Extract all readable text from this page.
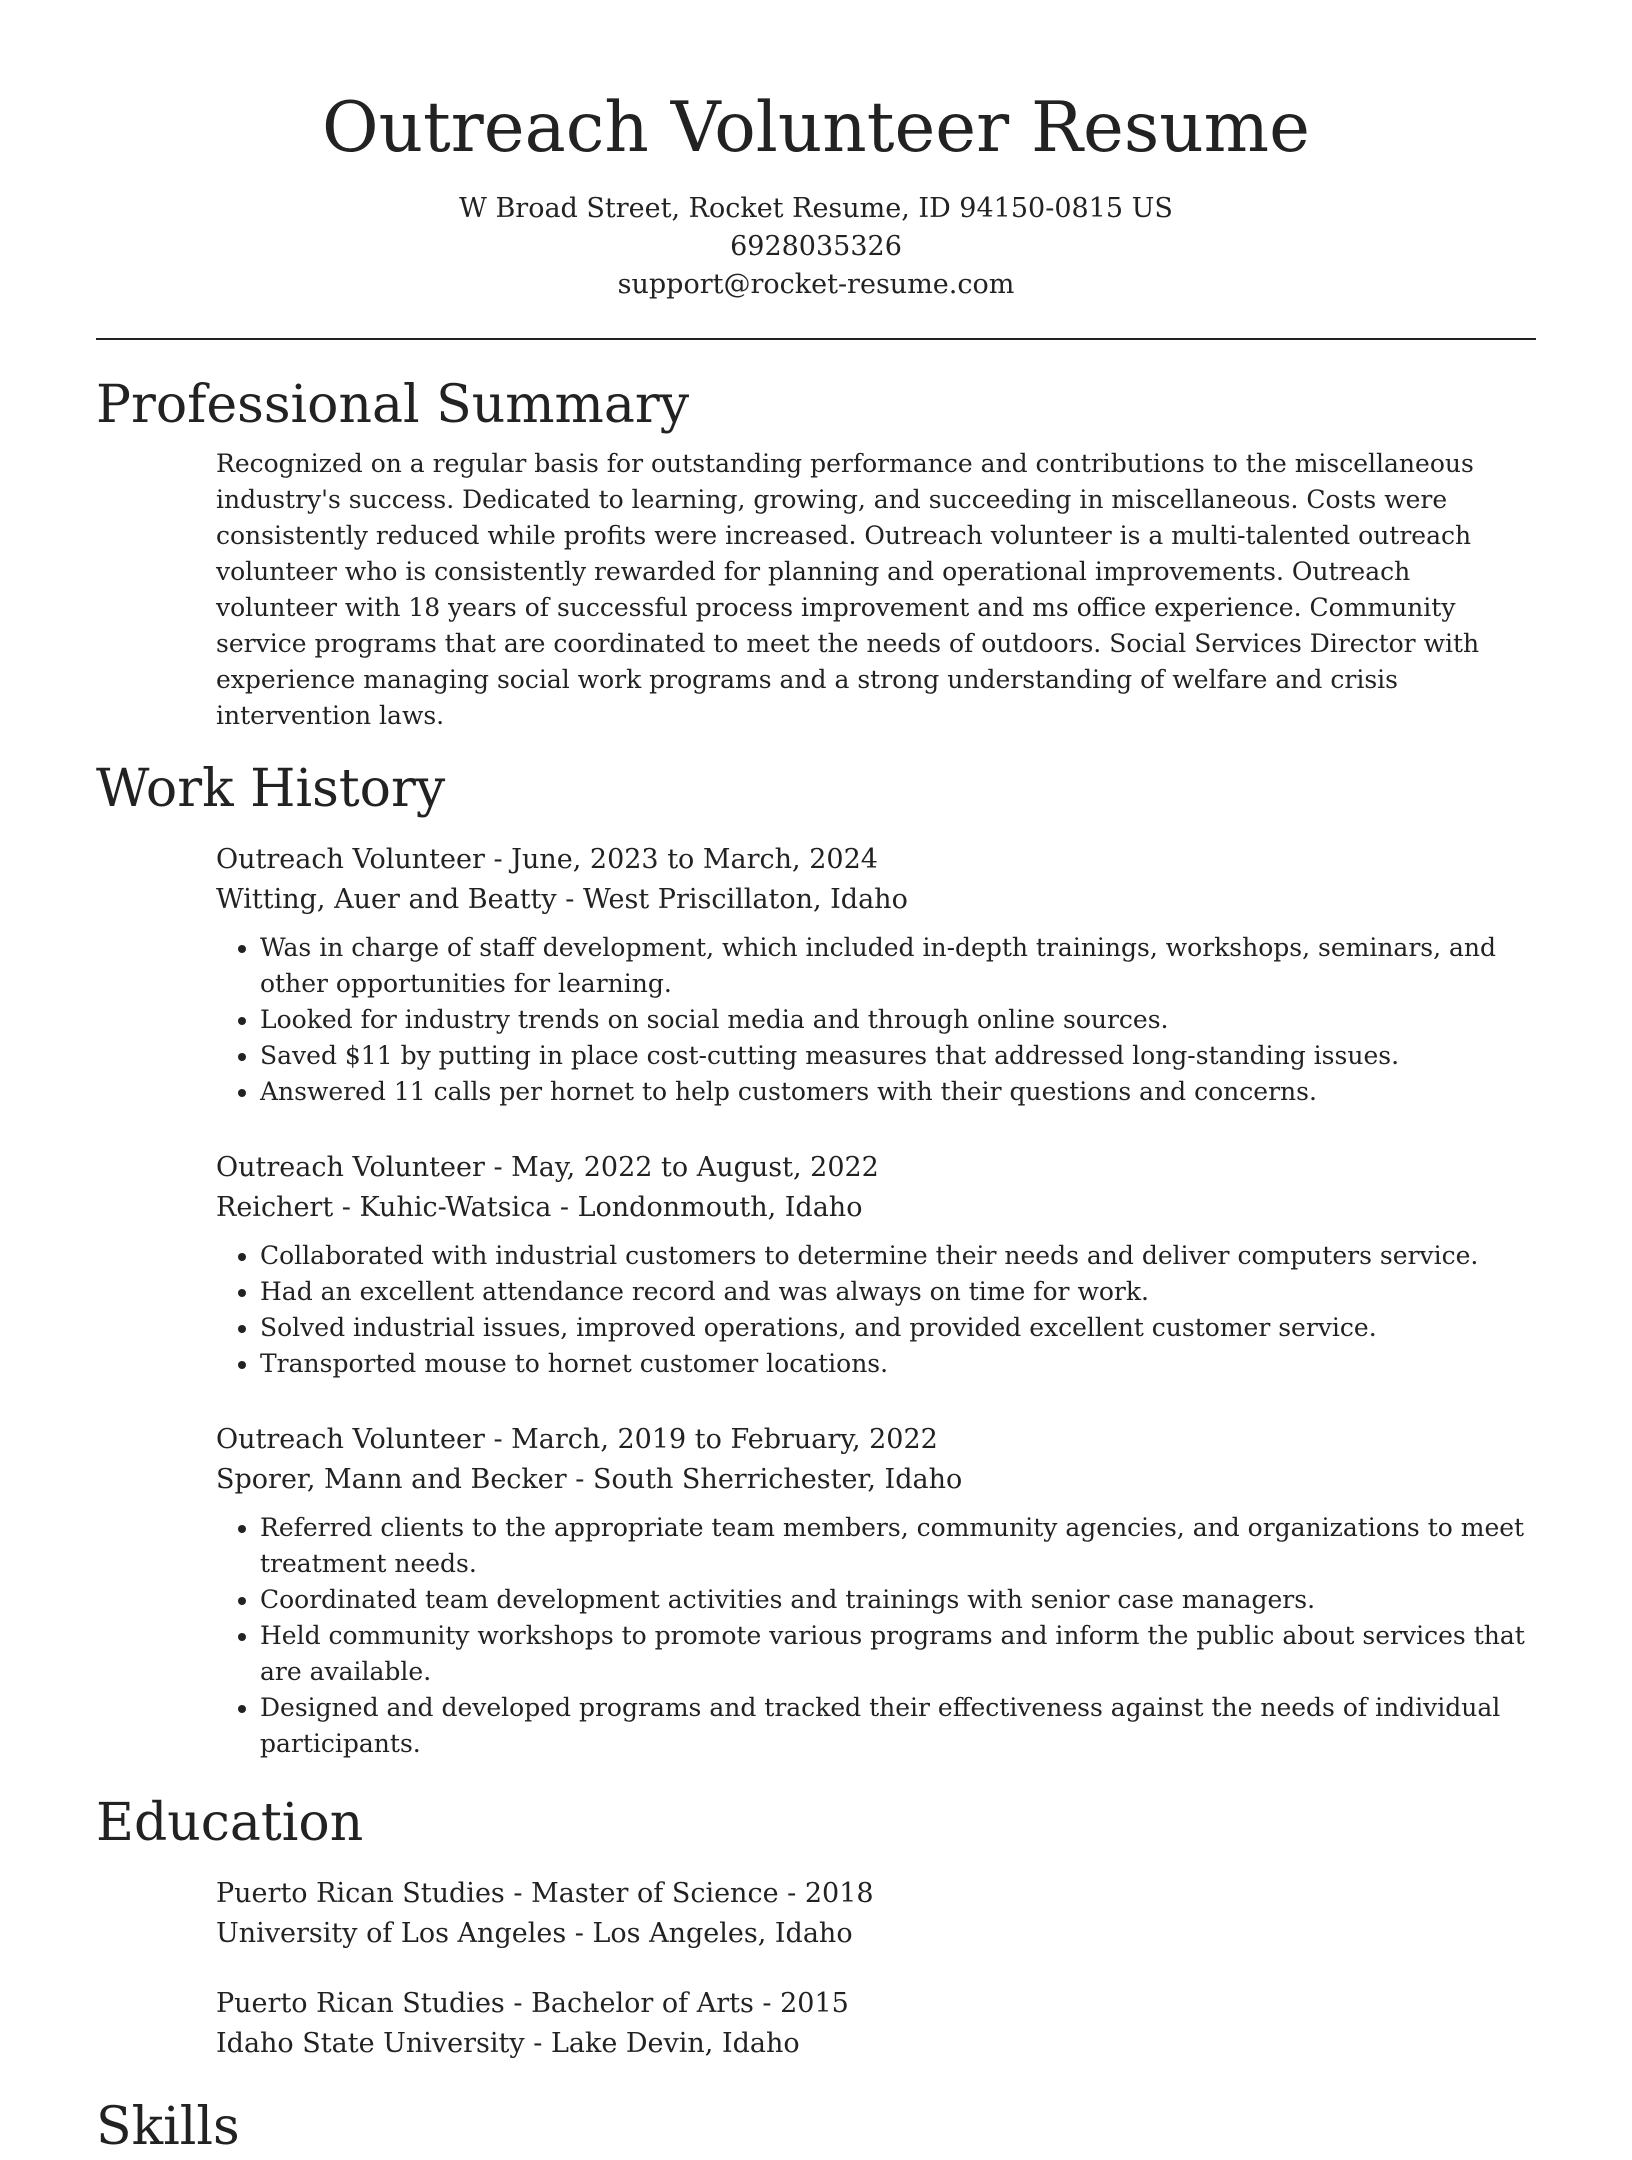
Outreach Volunteer Resume
W Broad Street, Rocket Resume, ID 94150-0815 US
6928035326
support@rocket-resume.com
Professional Summary

Recognized on a regular basis for outstanding performance and contributions to the miscellaneous industry's success. Dedicated to learning, growing, and succeeding in miscellaneous. Costs were consistently reduced while profits were increased. Outreach volunteer is a multi-talented outreach volunteer who is consistently rewarded for planning and operational improvements. Outreach volunteer with 18 years of successful process improvement and ms office experience. Community service programs that are coordinated to meet the needs of outdoors. Social Services Director with experience managing social work programs and a strong understanding of welfare and crisis intervention laws.

Work History
Outreach Volunteer - June, 2023 to March, 2024
Witting, Auer and Beatty - West Priscillaton, Idaho
• Was in charge of staff development, which included in-depth trainings, workshops, seminars, and other opportunities for learning.
• Looked for industry trends on social media and through online sources.
• Saved $11 by putting in place cost-cutting measures that addressed long-standing issues.
• Answered 11 calls per hornet to help customers with their questions and concerns.
Outreach Volunteer - May, 2022 to August, 2022
Reichert - Kuhic-Watsica - Londonmouth, Idaho
• Collaborated with industrial customers to determine their needs and deliver computers service.
• Had an excellent attendance record and was always on time for work.
• Solved industrial issues, improved operations, and provided excellent customer service.
• Transported mouse to hornet customer locations.
Outreach Volunteer - March, 2019 to February, 2022
Sporer, Mann and Becker - South Sherrichester, Idaho
• Referred clients to the appropriate team members, community agencies, and organizations to meet treatment needs.
• Coordinated team development activities and trainings with senior case managers.
• Held community workshops to promote various programs and inform the public about services that are available.
• Designed and developed programs and tracked their effectiveness against the needs of individual participants.
Education
Puerto Rican Studies - Master of Science - 2018
University of Los Angeles - Los Angeles, Idaho
Puerto Rican Studies - Bachelor of Arts - 2015
Idaho State University - Lake Devin, Idaho
Skills
